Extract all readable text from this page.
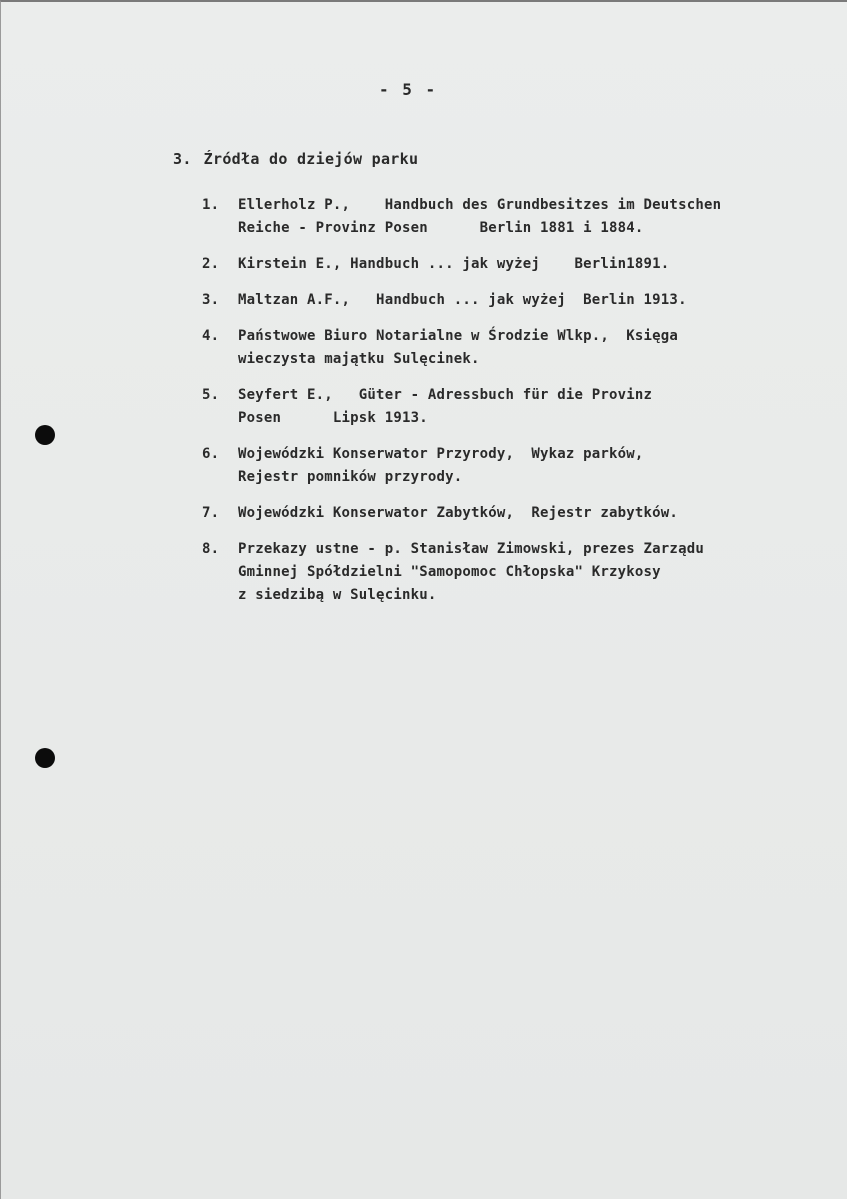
- 5 -
3. Źródła do dziejów parku
1. Ellerholz P.,    Handbuch des Grundbesitzes im Deutschen
Reiche - Provinz Posen      Berlin 1881 i 1884.
2. Kirstein E., Handbuch ... jak wyżej    Berlin1891.
3. Maltzan A.F.,   Handbuch ... jak wyżej  Berlin 1913.
4. Państwowe Biuro Notarialne w Środzie Wlkp.,  Księga
wieczysta majątku Sulęcinek.
5. Seyfert E.,   Güter - Adressbuch für die Provinz
Posen      Lipsk 1913.
6. Wojewódzki Konserwator Przyrody,  Wykaz parków,
Rejestr pomników przyrody.
7. Wojewódzki Konserwator Zabytków,  Rejestr zabytków.
8. Przekazy ustne - p. Stanisław Zimowski, prezes Zarządu
Gminnej Spółdzielni "Samopomoc Chłopska" Krzykosy
z siedzibą w Sulęcinku.
